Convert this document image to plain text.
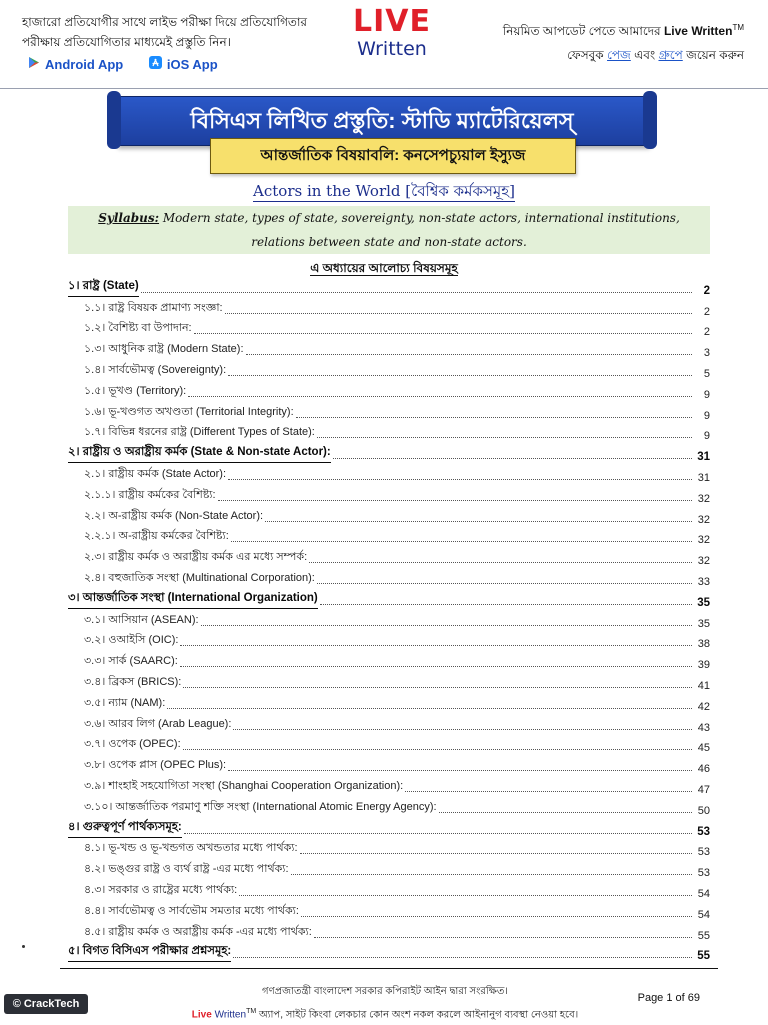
হাজারো প্রতিযোগীর সাথে লাইভ পরীক্ষা দিয়ে প্রতিযোগিতার
পরীক্ষায় প্রতিযোগিতার মাধ্যমেই প্রস্তুতি নিন।
Android App
	iOS App
LIVE
Written
নিয়মিত আপডেট পেতে আমাদের Live Written™
ফেসবুক পেজ এবং গ্রুপে জয়েন করুন
বিসিএস লিখিত প্রস্তুতি: স্টাডি ম্যাটেরিয়েলস্
আন্তর্জাতিক বিষয়াবলি: কনসেপচ্যুয়াল ইস্যুজ
Actors in the World [বৈশ্বিক কর্মকসমূহ]
Syllabus: Modern state, types of state, sovereignty, non-state actors, international institutions, relations between state and non-state actors.
এ অধ্যায়ের আলোচ্য বিষয়সমূহ
১। রাষ্ট্র (State)	2
১.১। রাষ্ট্র বিষয়ক প্রামাণ্য সংজ্ঞা:	2
১.২। বৈশিষ্ট্য বা উপাদান:	2
১.৩। আধুনিক রাষ্ট্র (Modern State):	3
১.৪। সার্বভৌমত্ব (Sovereignty):	5
১.৫। ভূখণ্ড (Territory):	9
১.৬। ভূ-খণ্ডগত অখণ্ডতা (Territorial Integrity):	9
১.৭। বিভিন্ন ধরনের রাষ্ট্র (Different Types of State):	9
২। রাষ্ট্রীয় ও অরাষ্ট্রীয় কর্মক (State & Non-state Actor):	31
২.১। রাষ্ট্রীয় কর্মক (State Actor):	31
২.১.১। রাষ্ট্রীয় কর্মকের বৈশিষ্ট্য:	32
২.২। অ-রাষ্ট্রীয় কর্মক (Non-State Actor):	32
২.২.১। অ-রাষ্ট্রীয় কর্মকের বৈশিষ্ট্য:	32
২.৩। রাষ্ট্রীয় কর্মক ও অরাষ্ট্রীয় কর্মক এর মধ্যে সম্পর্ক:	32
২.৪। বহুজাতিক সংস্থা (Multinational Corporation):	33
৩। আন্তর্জাতিক সংস্থা (International Organization)	35
৩.১। আসিয়ান (ASEAN):	35
৩.২। ওআইসি (OIC):	38
৩.৩। সার্ক (SAARC):	39
৩.৪। ব্রিকস (BRICS):	41
৩.৫। ন্যাম (NAM):	42
৩.৬। আরব লিগ (Arab League):	43
৩.৭। ওপেক (OPEC):	45
৩.৮। ওপেক প্লাস (OPEC Plus):	46
৩.৯। শাংহাই সহযোগিতা সংস্থা (Shanghai Cooperation Organization):	47
৩.১০। আন্তর্জাতিক পরমাণু শক্তি সংস্থা (International Atomic Energy Agency):	50
৪। গুরুত্বপূর্ণ পার্থক্যসমূহ:	53
৪.১। ভূ-খন্ড ও ভূ-খন্ডগত অখন্ডতার মধ্যে পার্থক্য:	53
৪.২। ভঙ্গুর রাষ্ট্র ও ব্যর্থ রাষ্ট্র -এর মধ্যে পার্থক্য:	53
৪.৩। সরকার ও রাষ্ট্রের মধ্যে পার্থক্য:	54
৪.৪। সার্বভৌমত্ব ও সার্বভৌম সমতার মধ্যে পার্থক্য:	54
৪.৫। রাষ্ট্রীয় কর্মক ও অরাষ্ট্রীয় কর্মক -এর মধ্যে পার্থক্য:	55
৫। বিগত বিসিএস পরীক্ষার প্রশ্নসমূহ:	55
গণপ্রজাতন্ত্রী বাংলাদেশ সরকার কপিরাইট আইন দ্বারা সংরক্ষিত।
Live Written™ অ্যাপ, সাইট কিংবা লেকচার কোন অংশ নকল করলে আইনানুগ ব্যবস্থা নেওয়া হবে।
Page 1 of 69
© CrackTech
